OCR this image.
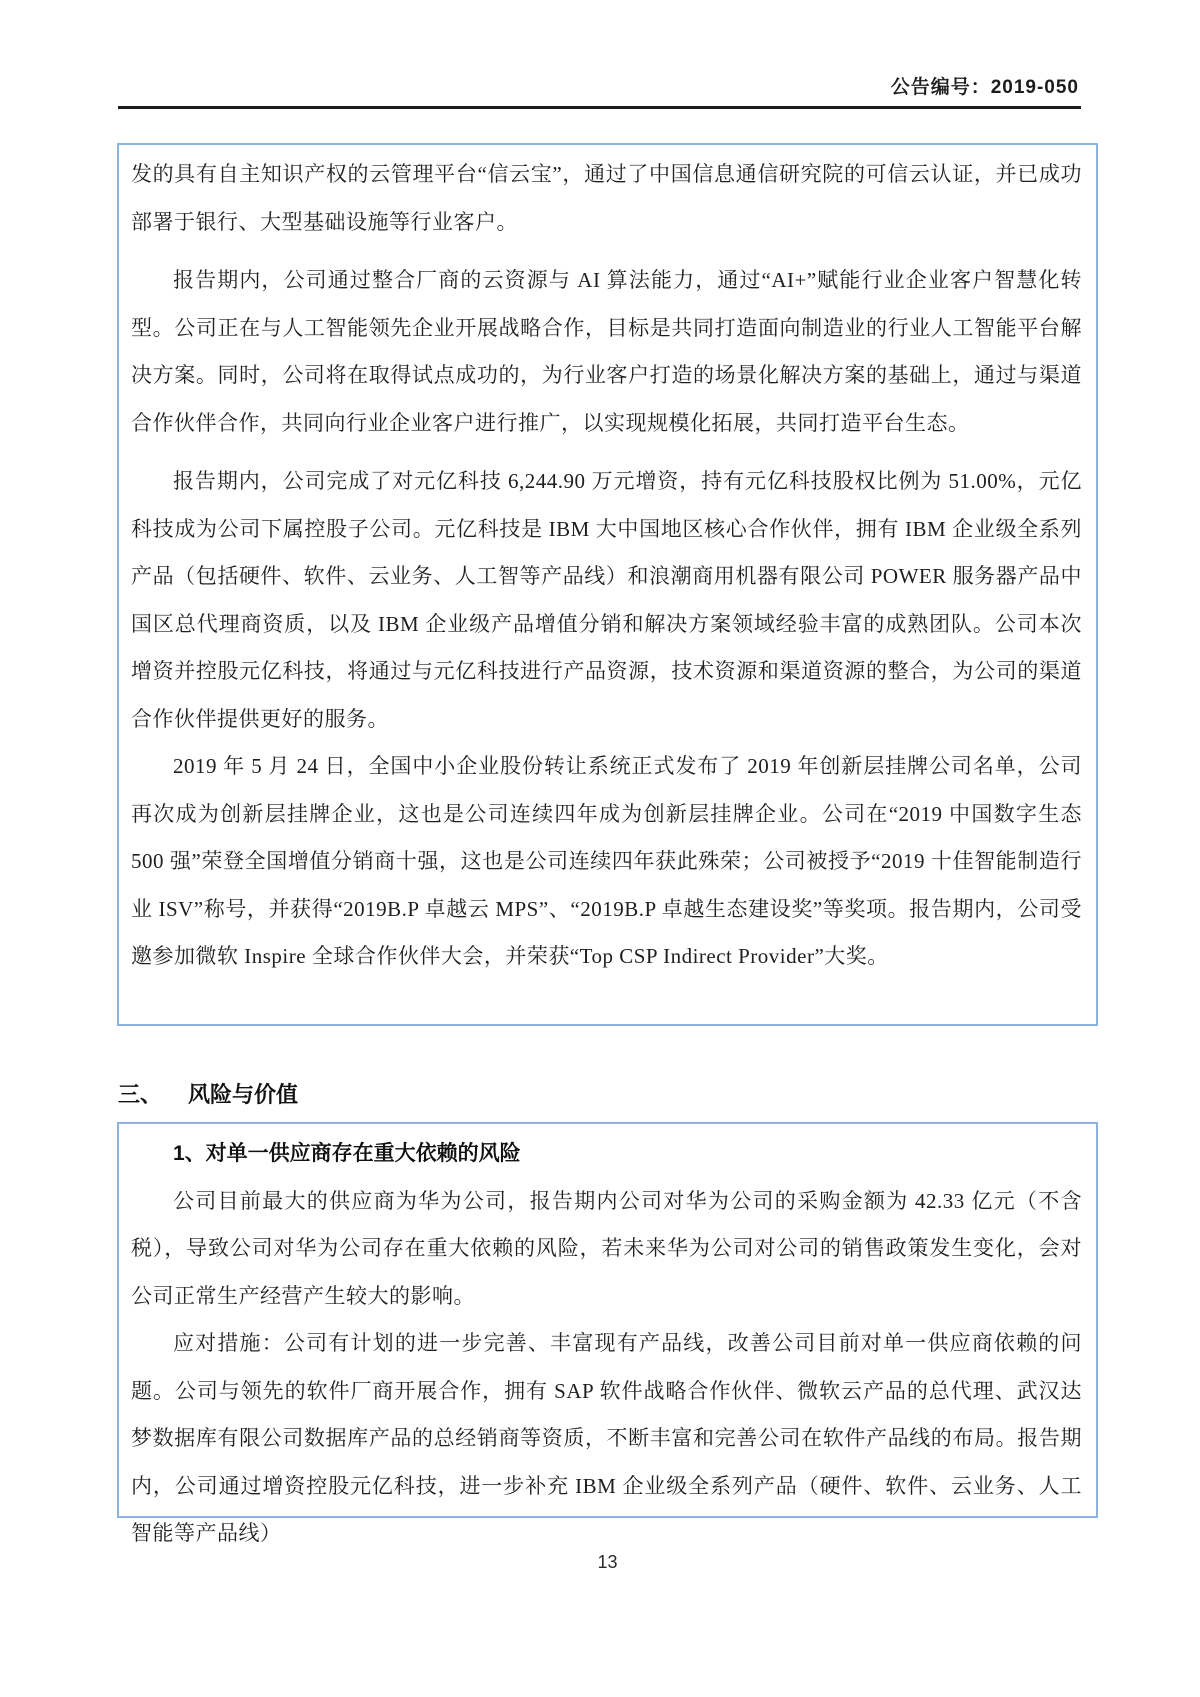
公告编号：2019-050

发的具有自主知识产权的云管理平台“信云宝”，通过了中国信息通信研究院的可信云认证，并已成功部署于银行、大型基础设施等行业客户。

报告期内，公司通过整合厂商的云资源与 AI 算法能力，通过“AI+”赋能行业企业客户智慧化转型。公司正在与人工智能领先企业开展战略合作，目标是共同打造面向制造业的行业人工智能平台解决方案。同时，公司将在取得试点成功的，为行业客户打造的场景化解决方案的基础上，通过与渠道合作伙伴合作，共同向行业企业客户进行推广，以实现规模化拓展，共同打造平台生态。

报告期内，公司完成了对元亿科技 6,244.90 万元增资，持有元亿科技股权比例为 51.00%，元亿科技成为公司下属控股子公司。元亿科技是 IBM 大中国地区核心合作伙伴，拥有 IBM 企业级全系列产品（包括硬件、软件、云业务、人工智等产品线）和浪潮商用机器有限公司 POWER 服务器产品中国区总代理商资质，以及 IBM 企业级产品增值分销和解决方案领域经验丰富的成熟团队。公司本次增资并控股元亿科技，将通过与元亿科技进行产品资源，技术资源和渠道资源的整合，为公司的渠道合作伙伴提供更好的服务。

2019 年 5 月 24 日，全国中小企业股份转让系统正式发布了 2019 年创新层挂牌公司名单，公司再次成为创新层挂牌企业，这也是公司连续四年成为创新层挂牌企业。公司在“2019 中国数字生态 500 强”荣登全国增值分销商十强，这也是公司连续四年获此殊荣；公司被授予“2019 十佳智能制造行业 ISV”称号，并获得“2019B.P 卓越云 MPS”、“2019B.P 卓越生态建设奖”等奖项。报告期内，公司受邀参加微软 Inspire 全球合作伙伴大会，并荣获“Top CSP Indirect Provider”大奖。

三、 风险与价值

1、对单一供应商存在重大依赖的风险

公司目前最大的供应商为华为公司，报告期内公司对华为公司的采购金额为 42.33 亿元（不含税），导致公司对华为公司存在重大依赖的风险，若未来华为公司对公司的销售政策发生变化，会对公司正常生产经营产生较大的影响。

应对措施：公司有计划的进一步完善、丰富现有产品线，改善公司目前对单一供应商依赖的问题。公司与领先的软件厂商开展合作，拥有 SAP 软件战略合作伙伴、微软云产品的总代理、武汉达梦数据库有限公司数据库产品的总经销商等资质，不断丰富和完善公司在软件产品线的布局。报告期内，公司通过增资控股元亿科技，进一步补充 IBM 企业级全系列产品（硬件、软件、云业务、人工智能等产品线）

13
